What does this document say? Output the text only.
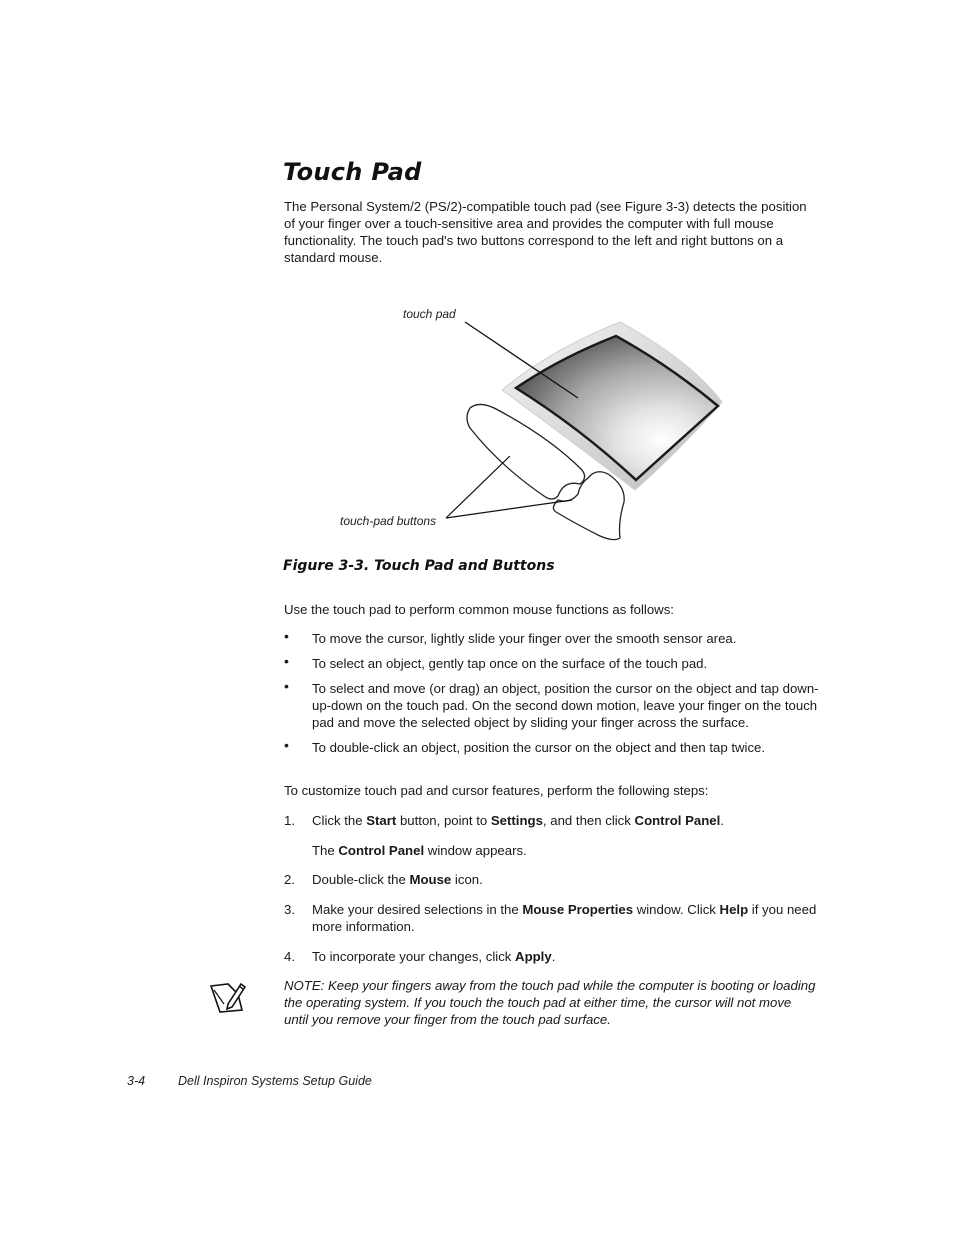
Touch Pad

The Personal System/2 (PS/2)-compatible touch pad (see Figure 3-3) detects the position of your finger over a touch-sensitive area and provides the computer with full mouse functionality. The touch pad's two buttons correspond to the left and right buttons on a standard mouse.

touch pad
touch-pad buttons

Figure 3-3. Touch Pad and Buttons

Use the touch pad to perform common mouse functions as follows:

• To move the cursor, lightly slide your finger over the smooth sensor area.
• To select an object, gently tap once on the surface of the touch pad.
• To select and move (or drag) an object, position the cursor on the object and tap down-up-down on the touch pad. On the second down motion, leave your finger on the touch pad and move the selected object by sliding your finger across the surface.
• To double-click an object, position the cursor on the object and then tap twice.

To customize touch pad and cursor features, perform the following steps:

1. Click the Start button, point to Settings, and then click Control Panel.
The Control Panel window appears.
2. Double-click the Mouse icon.
3. Make your desired selections in the Mouse Properties window. Click Help if you need more information.
4. To incorporate your changes, click Apply.

NOTE: Keep your fingers away from the touch pad while the computer is booting or loading the operating system. If you touch the touch pad at either time, the cursor will not move until you remove your finger from the touch pad surface.

3-4	Dell Inspiron Systems Setup Guide
